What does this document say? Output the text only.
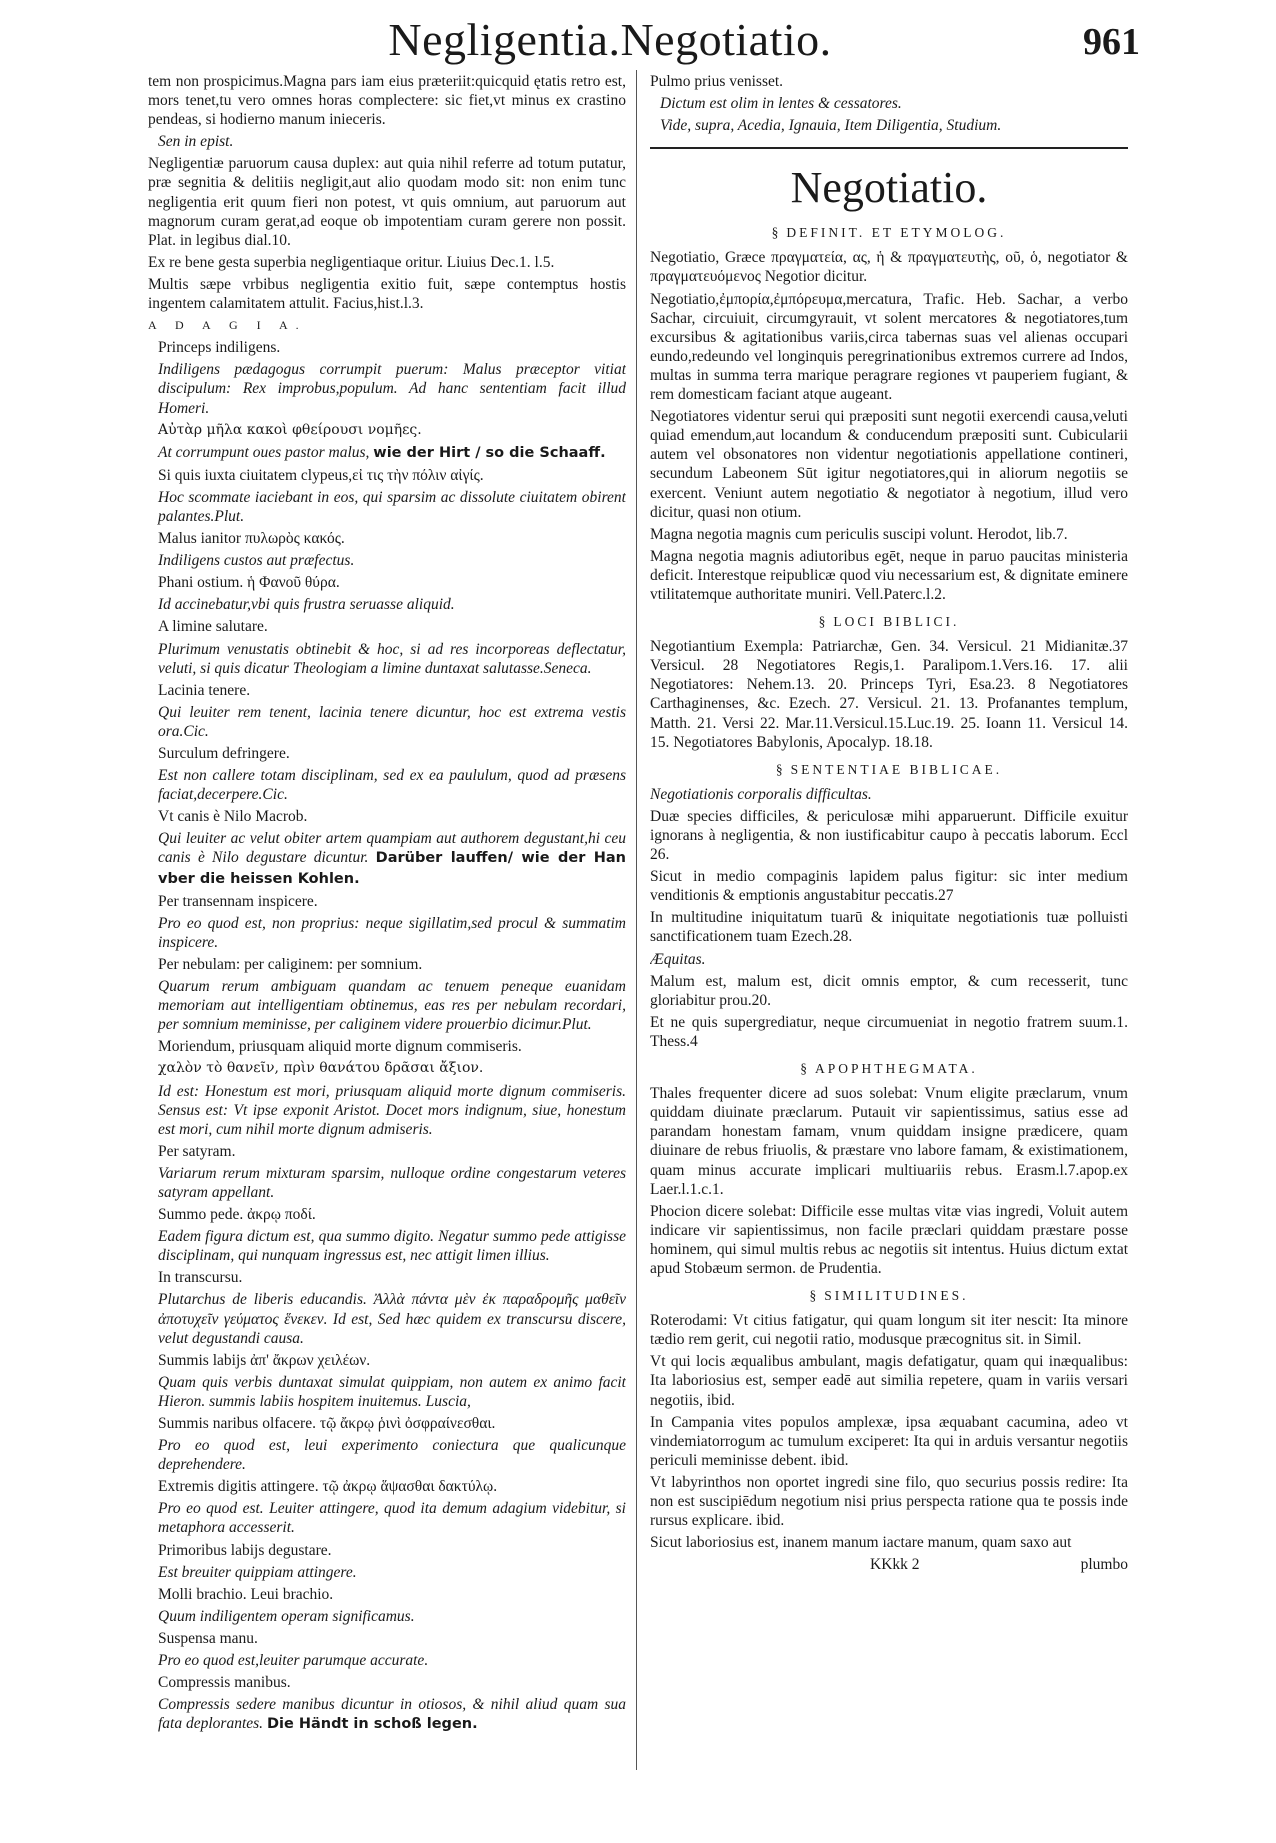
Negligentia.Negotiatio.	961

tem non prospicimus.Magna pars iam eius præteriit:quicquid ętatis retro est, mors tenet,tu vero omnes horas complectere: sic fiet,vt minus ex crastino pendeas, si hodierno manum inieceris.

Sen in epist.

Negligentiæ paruorum causa duplex: aut quia nihil referre ad totum putatur, præ segnitia & delitiis negligit,aut alio quodam modo sit: non enim tunc negligentia erit quum fieri non potest, vt quis omnium, aut paruorum aut magnorum curam gerat,ad eoque ob impotentiam curam gerere non possit. Plat. in legibus dial.10.

Ex re bene gesta superbia negligentiaque oritur. Liuius Dec.1. l.5.

Multis sæpe vrbibus negligentia exitio fuit, sæpe contemptus hostis ingentem calamitatem attulit. Facius,hist.l.3.

A D A G I A.

Princeps indiligens.

Indiligens pædagogus corrumpit puerum: Malus præceptor vitiat discipulum: Rex improbus,populum. Ad hanc sententiam facit illud Homeri.

Αὐτὰρ μῆλα κακοὶ φθείρουσι νομῆες.

At corrumpunt oues pastor malus, wie der Hirt / so die Schaaff.

Si quis iuxta ciuitatem clypeus,εἰ τις τὴν πόλιν αἰγίς.

Hoc scommate iaciebant in eos, qui sparsim ac dissolute ciuitatem obirent palantes.Plut.

Malus ianitor πυλωρὸς κακός.

Indiligens custos aut præfectus.

Phani ostium. ἡ Φανοῦ θύρα.

Id accinebatur,vbi quis frustra seruasse aliquid.

A limine salutare.

Plurimum venustatis obtinebit & hoc, si ad res incorporeas deflectatur, veluti, si quis dicatur Theologiam a limine duntaxat salutasse.Seneca.

Lacinia tenere.

Qui leuiter rem tenent, lacinia tenere dicuntur, hoc est extrema vestis ora.Cic.

Surculum defringere.

Est non callere totam disciplinam, sed ex ea paululum, quod ad præsens faciat,decerpere.Cic.

Vt canis è Nilo Macrob.

Qui leuiter ac velut obiter artem quampiam aut authorem degustant,hi ceu canis è Nilo degustare dicuntur. Darüber lauffen/ wie der Han vber die heissen Kohlen.

Per transennam inspicere.

Pro eo quod est, non proprius: neque sigillatim,sed procul & summatim inspicere.

Per nebulam: per caliginem: per somnium.

Quarum rerum ambiguam quandam ac tenuem peneque euanidam memoriam aut intelligentiam obtinemus, eas res per nebulam recordari, per somnium meminisse, per caliginem videre prouerbio dicimur.Plut.

Moriendum, priusquam aliquid morte dignum commiseris.

χαλὸν τὸ θανεῖν, πρὶν θανάτου δρᾶσαι ἄξιον.

Id est: Honestum est mori, priusquam aliquid morte dignum commiseris. Sensus est: Vt ipse exponit Aristot. Docet mors indignum, siue, honestum est mori, cum nihil morte dignum admiseris.

Per satyram.

Variarum rerum mixturam sparsim, nulloque ordine congestarum veteres satyram appellant.

Summo pede. ἀκρῳ ποδί.

Eadem figura dictum est, qua summo digito. Negatur summo pede attigisse disciplinam, qui nunquam ingressus est, nec attigit limen illius.

In transcursu.

Plutarchus de liberis educandis. Ἀλλὰ πάντα μὲν ἐκ παραδρομῆς μαθεῖν ἀποτυχεῖν γεύματος ἕνεκεν. Id est, Sed hæc quidem ex transcursu discere, velut degustandi causa.

Summis labijs ἀπ' ἄκρων χειλέων.

Quam quis verbis duntaxat simulat quippiam, non autem ex animo facit Hieron. summis labiis hospitem inuitemus. Luscia,

Summis naribus olfacere. τῷ ἄκρῳ ῥινὶ ὀσφραίνεσθαι.

Pro eo quod est, leui experimento coniectura que qualicunque deprehendere.

Extremis digitis attingere. τῷ ἀκρῳ ἅψασθαι δακτύλῳ.

Pro eo quod est. Leuiter attingere, quod ita demum adagium videbitur, si metaphora accesserit.

Primoribus labijs degustare.

Est breuiter quippiam attingere.

Molli brachio. Leui brachio.

Quum indiligentem operam significamus.

Suspensa manu.

Pro eo quod est,leuiter parumque accurate.

Compressis manibus.

Compressis sedere manibus dicuntur in otiosos, & nihil aliud quam sua fata deplorantes. Die Händt in schoß legen.

Pulmo prius venisset.

Dictum est olim in lentes & cessatores.

Vide, supra, Acedia, Ignauia, Item Diligentia, Studium.

Negotiatio.
§ DEFINIT. ET ETYMOLOG.

Negotiatio, Græce πραγματεία, ας, ἡ & πραγματευτὴς, οῦ, ὁ, negotiator & πραγματευόμενος Negotior dicitur.

Negotiatio,ἐμπορία,ἐμπόρευμα,mercatura, Trafic. Heb. Sachar, a verbo Sachar, circuiuit, circumgyrauit, vt solent mercatores & negotiatores,tum excursibus & agitationibus variis,circa tabernas suas vel alienas occupari eundo,redeundo vel longinquis peregrinationibus extremos currere ad Indos, multas in summa terra marique peragrare regiones vt pauperiem fugiant, & rem domesticam faciant atque augeant.

Negotiatores videntur serui qui præpositi sunt negotii exercendi causa,veluti quiad emendum,aut locandum & conducendum præpositi sunt. Cubicularii autem vel obsonatores non videntur negotiationis appellatione contineri, secundum Labeonem Sūt igitur negotiatores,qui in aliorum negotiis se exercent. Veniunt autem negotiatio & negotiator à negotium, illud vero dicitur, quasi non otium.

Magna negotia magnis cum periculis suscipi volunt. Herodot, lib.7.

Magna negotia magnis adiutoribus egēt, neque in paruo paucitas ministeria deficit. Interestque reipublicæ quod viu necessarium est, & dignitate eminere vtilitatemque authoritate muniri. Vell.Paterc.l.2.

§ LOCI BIBLICI.

Negotiantium Exempla: Patriarchæ, Gen. 34. Versicul. 21 Midianitæ.37 Versicul. 28 Negotiatores Regis,1. Paralipom.1.Vers.16. 17. alii Negotiatores: Nehem.13. 20. Princeps Tyri, Esa.23. 8 Negotiatores Carthaginenses, &c. Ezech. 27. Versicul. 21. 13. Profanantes templum, Matth. 21. Versi 22. Mar.11.Versicul.15.Luc.19. 25. Ioann 11. Versicul 14. 15. Negotiatores Babylonis, Apocalyp. 18.18.

§ SENTENTIAE BIBLICAE.

Negotiationis corporalis difficultas.

Duæ species difficiles, & periculosæ mihi apparuerunt. Difficile exuitur ignorans à negligentia, & non iustificabitur caupo à peccatis laborum. Eccl 26.

Sicut in medio compaginis lapidem palus figitur: sic inter medium venditionis & emptionis angustabitur peccatis.27

In multitudine iniquitatum tuarū & iniquitate negotiationis tuæ polluisti sanctificationem tuam Ezech.28.

Æquitas.

Malum est, malum est, dicit omnis emptor, & cum recesserit, tunc gloriabitur prou.20.

Et ne quis supergrediatur, neque circumueniat in negotio fratrem suum.1. Thess.4

§ APOPHTHEGMATA.

Thales frequenter dicere ad suos solebat: Vnum eligite præclarum, vnum quiddam diuinate præclarum. Putauit vir sapientissimus, satius esse ad parandam honestam famam, vnum quiddam insigne prædicere, quam diuinare de rebus friuolis, & præstare vno labore famam, & existimationem, quam minus accurate implicari multiuariis rebus. Erasm.l.7.apop.ex Laer.l.1.c.1.

Phocion dicere solebat: Difficile esse multas vitæ vias ingredi, Voluit autem indicare vir sapientissimus, non facile præclari quiddam præstare posse hominem, qui simul multis rebus ac negotiis sit intentus. Huius dictum extat apud Stobæum sermon. de Prudentia.

§ SIMILITUDINES.

Roterodami: Vt citius fatigatur, qui quam longum sit iter nescit: Ita minore tædio rem gerit, cui negotii ratio, modusque præcognitus sit. in Simil.

Vt qui locis æqualibus ambulant, magis defatigatur, quam qui inæqualibus: Ita laboriosius est, semper eadē aut similia repetere, quam in variis versari negotiis, ibid.

In Campania vites populos amplexæ, ipsa æquabant cacumina, adeo vt vindemiatorrogum ac tumulum exciperet: Ita qui in arduis versantur negotiis periculi meminisse debent. ibid.

Vt labyrinthos non oportet ingredi sine filo, quo securius possis redire: Ita non est suscipiēdum negotium nisi prius perspecta ratione qua te possis inde rursus explicare. ibid.

Sicut laboriosius est, inanem manum iactare manum, quam saxo aut

KKkk 2	plumbo
